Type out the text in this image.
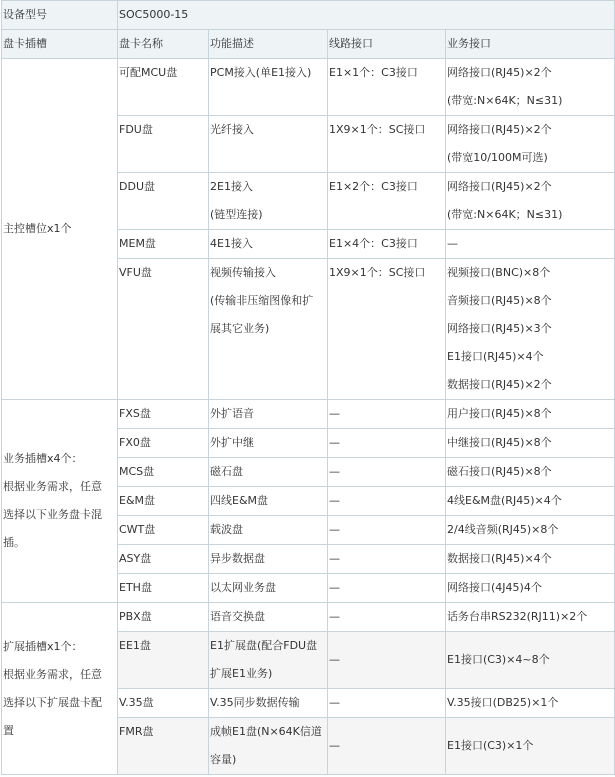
设备型号	SOC5000-15			
盘卡插槽	盘卡名称	功能描述	线路接口	业务接口

主控槽位x1个	可配MCU盘	PCM接入(单E1接入)	E1×1个：C3接口	网络接口(RJ45)×2个
(带宽:N×64K；N≤31)

	FDU盘	光纤接入	1X9×1个：SC接口	网络接口(RJ45)×2个
(带宽10/100M可选)

	DDU盘	2E1接入
(链型连接)	E1×2个：C3接口	网络接口(RJ45)×2个
(带宽:N×64K；N≤31)

	MEM盘	4E1接入	E1×4个：C3接口	—

	VFU盘	视频传输接入
(传输非压缩图像和扩
展其它业务)	1X9×1个：SC接口	视频接口(BNC)×8个
音频接口(RJ45)×8个
网络接口(RJ45)×3个
E1接口(RJ45)×4个
数据接口(RJ45)×2个

业务插槽x4个：
根据业务需求，任意
选择以下业务盘卡混
插。	FXS盘	外扩语音	—	用户接口(RJ45)×8个

	FX0盘	外扩中继	—	中继接口(RJ45)×8个

	MCS盘	磁石盘	—	磁石接口(RJ45)×8个

	E&M盘	四线E&M盘	—	4线E&M盘(RJ45)×4个

	CWT盘	载波盘	—	2/4线音频(RJ45)×8个

	ASY盘	异步数据盘	—	数据接口(RJ45)×4个

	ETH盘	以太网业务盘	—	网络接口(4J45)4个

扩展插槽x1个：
根据业务需求，任意
选择以下扩展盘卡配
置	PBX盘	语音交换盘	—	话务台串RS232(RJ11)×2个

	EE1盘	E1扩展盘(配合FDU盘
扩展E1业务)	—	E1接口(C3)×4~8个

	V.35盘	V.35同步数据传输	—	V.35接口(DB25)×1个

	FMR盘	成帧E1盘(N×64K信道
容量)	—	E1接口(C3)×1个
